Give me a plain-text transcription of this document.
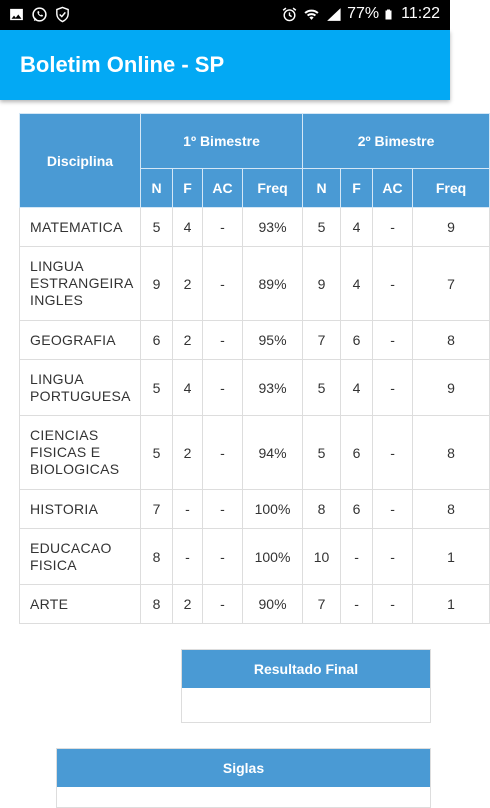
77% 11:22
Boletim Online - SP
Disciplina	1º Bimestre				2º Bimestre			
	N	F	AC	Freq	N	F	AC	Freq
MATEMATICA	5	4	-	93%	5	4	-	9
LINGUA ESTRANGEIRA INGLES	9	2	-	89%	9	4	-	7
GEOGRAFIA	6	2	-	95%	7	6	-	8
LINGUA PORTUGUESA	5	4	-	93%	5	4	-	9
CIENCIAS FISICAS E BIOLOGICAS	5	2	-	94%	5	6	-	8
HISTORIA	7	-	-	100%	8	6	-	8
EDUCACAO FISICA	8	-	-	100%	10	-	-	1
ARTE	8	2	-	90%	7	-	-	1
Resultado Final
Siglas
